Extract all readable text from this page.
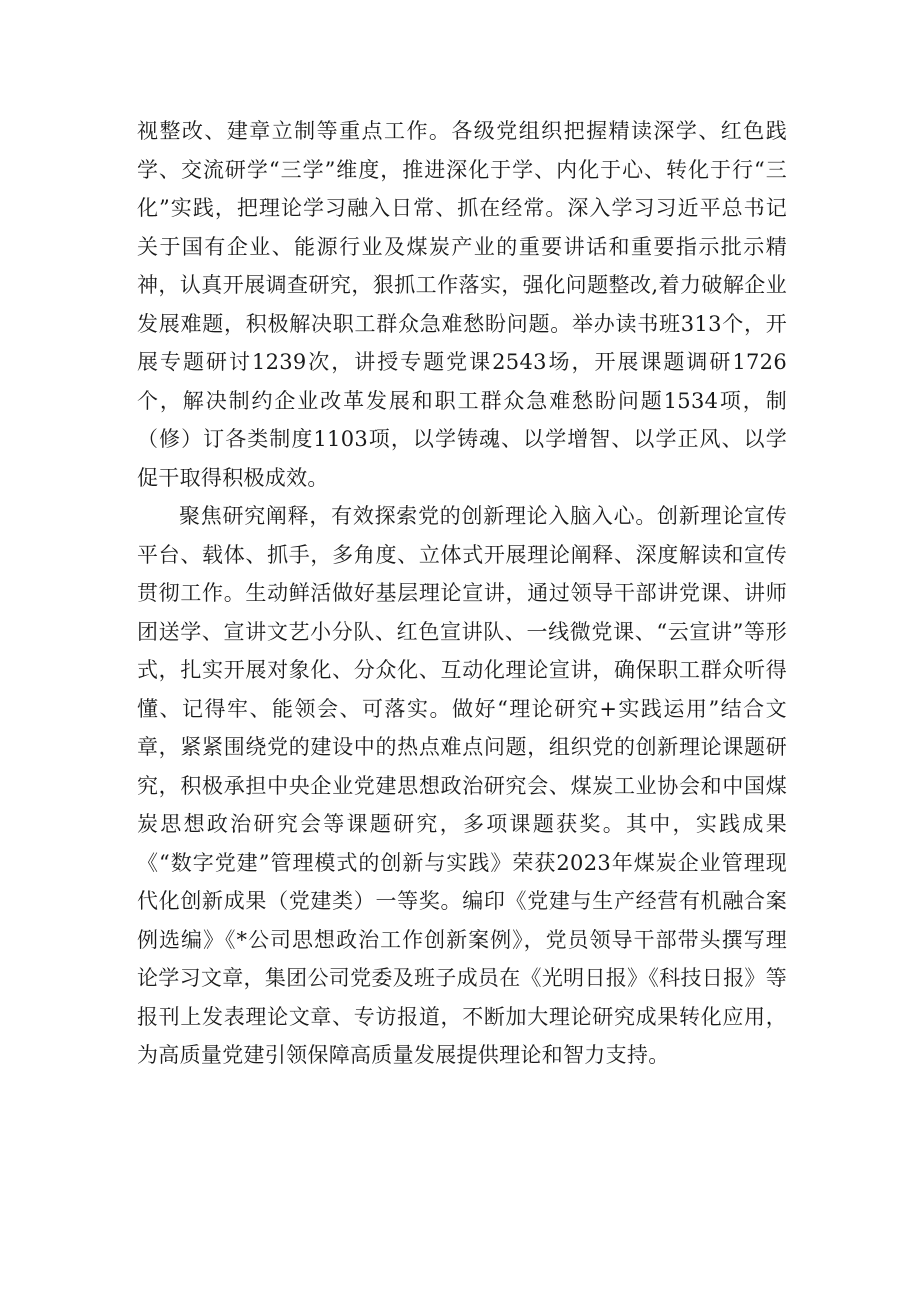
视整改、建章立制等重点工作。各级党组织把握精读深学、红色践学、交流研学“三学”维度，推进深化于学、内化于心、转化于行“三化”实践，把理论学习融入日常、抓在经常。深入学习习近平总书记关于国有企业、能源行业及煤炭产业的重要讲话和重要指示批示精神，认真开展调查研究，狠抓工作落实，强化问题整改,着力破解企业发展难题，积极解决职工群众急难愁盼问题。举办读书班313个，开展专题研讨1239次，讲授专题党课2543场，开展课题调研1726个，解决制约企业改革发展和职工群众急难愁盼问题1534项，制（修）订各类制度1103项，以学铸魂、以学增智、以学正风、以学促干取得积极成效。

聚焦研究阐释，有效探索党的创新理论入脑入心。创新理论宣传平台、载体、抓手，多角度、立体式开展理论阐释、深度解读和宣传贯彻工作。生动鲜活做好基层理论宣讲，通过领导干部讲党课、讲师团送学、宣讲文艺小分队、红色宣讲队、一线微党课、“云宣讲”等形式，扎实开展对象化、分众化、互动化理论宣讲，确保职工群众听得懂、记得牢、能领会、可落实。做好“理论研究+实践运用”结合文章，紧紧围绕党的建设中的热点难点问题，组织党的创新理论课题研究，积极承担中央企业党建思想政治研究会、煤炭工业协会和中国煤炭思想政治研究会等课题研究，多项课题获奖。其中，实践成果《“数字党建”管理模式的创新与实践》荣获2023年煤炭企业管理现代化创新成果（党建类）一等奖。编印《党建与生产经营有机融合案例选编》《*公司思想政治工作创新案例》，党员领导干部带头撰写理论学习文章，集团公司党委及班子成员在《光明日报》《科技日报》等报刊上发表理论文章、专访报道，不断加大理论研究成果转化应用，为高质量党建引领保障高质量发展提供理论和智力支持。
